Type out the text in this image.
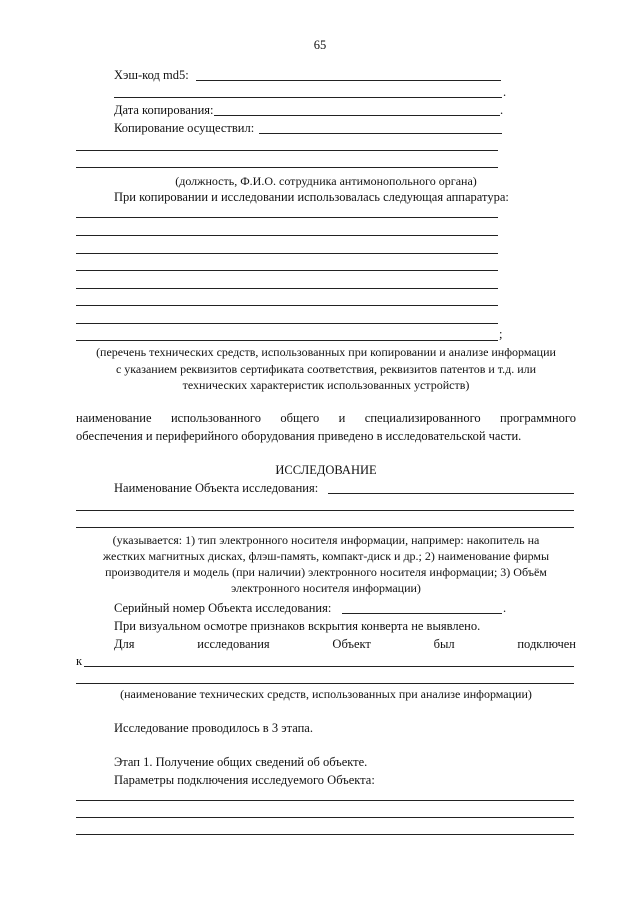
65
Хэш-код md5:
.
Дата копирования:	.
Копирование осуществил:
(должность, Ф.И.О. сотрудника антимонопольного органа)
При копировании и исследовании использовалась следующая аппаратура:
;
(перечень технических средств, использованных при копировании и анализе информации
с указанием реквизитов сертификата соответствия, реквизитов патентов и т.д. или
технических характеристик использованных устройств)
наименование использованного общего и специализированного программного
обеспечения и периферийного оборудования приведено в исследовательской части.
ИССЛЕДОВАНИЕ
Наименование Объекта исследования:
(указывается: 1) тип электронного носителя информации, например: накопитель на
жестких магнитных дисках, флэш-память, компакт-диск и др.; 2) наименование фирмы
производителя и модель (при наличии) электронного носителя информации; 3) Объём
электронного носителя информации)
Серийный номер Объекта исследования:	.
При визуальном осмотре признаков вскрытия конверта не выявлено.
Для	исследования	Объект	был	подключен
к
(наименование технических средств, использованных при анализе информации)
Исследование проводилось в 3 этапа.
Этап 1. Получение общих сведений об объекте.
Параметры подключения исследуемого Объекта:
